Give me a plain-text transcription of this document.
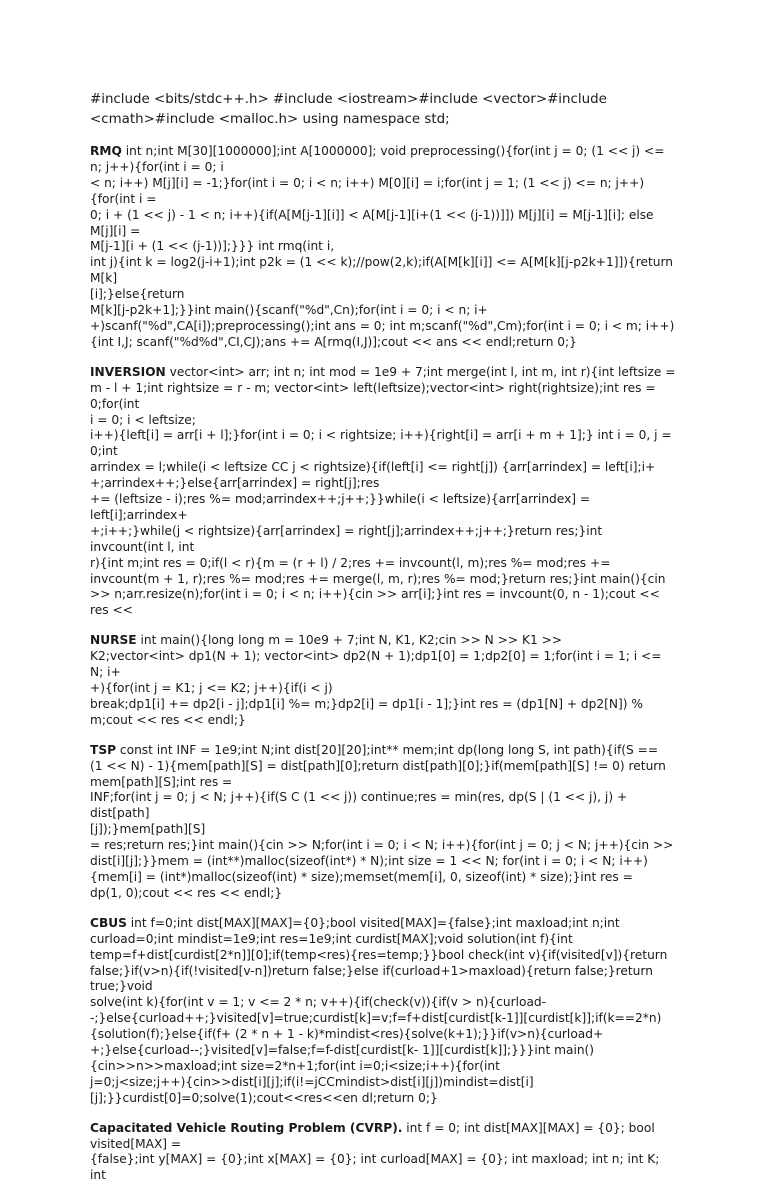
#include <bits/stdc++.h> #include <iostream>#include <vector>#include
<cmath>#include <malloc.h> using namespace std;
RMQ int n;int M[30][1000000];int A[1000000]; void preprocessing(){for(int j = 0; (1 << j) <= n; j++){for(int i = 0; i
< n; i++) M[j][i] = -1;}for(int i = 0; i < n; i++) M[0][i] = i;for(int j = 1; (1 << j) <= n; j++){for(int i =
0; i + (1 << j) - 1 < n; i++){if(A[M[j-1][i]] < A[M[j-1][i+(1 << (j-1))]]) M[j][i] = M[j-1][i]; else M[j][i] =
M[j-1][i + (1 << (j-1))];}}} int rmq(int i,
int j){int k = log2(j-i+1);int p2k = (1 << k);//pow(2,k);if(A[M[k][i]] <= A[M[k][j-p2k+1]]){return M[k]
[i];}else{return
M[k][j-p2k+1];}}int main(){scanf("%d",Cn);for(int i = 0; i < n; i+
+)scanf("%d",CA[i]);preprocessing();int ans = 0; int m;scanf("%d",Cm);for(int i = 0; i < m; i++)
{int I,J; scanf("%d%d",CI,CJ);ans += A[rmq(I,J)];cout << ans << endl;return 0;}
INVERSION vector<int> arr; int n; int mod = 1e9 + 7;int merge(int l, int m, int r){int leftsize =
m - l + 1;int rightsize = r - m; vector<int> left(leftsize);vector<int> right(rightsize);int res = 0;for(int
i = 0; i < leftsize;
i++){left[i] = arr[i + l];}for(int i = 0; i < rightsize; i++){right[i] = arr[i + m + 1];} int i = 0, j = 0;int
arrindex = l;while(i < leftsize CC j < rightsize){if(left[i] <= right[j]) {arr[arrindex] = left[i];i+
+;arrindex++;}else{arr[arrindex] = right[j];res
+= (leftsize - i);res %= mod;arrindex++;j++;}}while(i < leftsize){arr[arrindex] = left[i];arrindex+
+;i++;}while(j < rightsize){arr[arrindex] = right[j];arrindex++;j++;}return res;}int invcount(int l, int
r){int m;int res = 0;if(l < r){m = (r + l) / 2;res += invcount(l, m);res %= mod;res +=
invcount(m + 1, r);res %= mod;res += merge(l, m, r);res %= mod;}return res;}int main(){cin
>> n;arr.resize(n);for(int i = 0; i < n; i++){cin >> arr[i];}int res = invcount(0, n - 1);cout <<
res <<
NURSE int main(){long long m = 10e9 + 7;int N, K1, K2;cin >> N >> K1 >>
K2;vector<int> dp1(N + 1); vector<int> dp2(N + 1);dp1[0] = 1;dp2[0] = 1;for(int i = 1; i <= N; i+
+){for(int j = K1; j <= K2; j++){if(i < j)
break;dp1[i] += dp2[i - j];dp1[i] %= m;}dp2[i] = dp1[i - 1];}int res = (dp1[N] + dp2[N]) %
m;cout << res << endl;}
TSP const int INF = 1e9;int N;int dist[20][20];int** mem;int dp(long long S, int path){if(S ==
(1 << N) - 1){mem[path][S] = dist[path][0];return dist[path][0];}if(mem[path][S] != 0) return
mem[path][S];int res =
INF;for(int j = 0; j < N; j++){if(S C (1 << j)) continue;res = min(res, dp(S | (1 << j), j) + dist[path]
[j]);}mem[path][S]
= res;return res;}int main(){cin >> N;for(int i = 0; i < N; i++){for(int j = 0; j < N; j++){cin >>
dist[i][j];}}mem = (int**)malloc(sizeof(int*) * N);int size = 1 << N; for(int i = 0; i < N; i++)
{mem[i] = (int*)malloc(sizeof(int) * size);memset(mem[i], 0, sizeof(int) * size);}int res =
dp(1, 0);cout << res << endl;}
CBUS int f=0;int dist[MAX][MAX]={0};bool visited[MAX]={false};int maxload;int n;int
curload=0;int mindist=1e9;int res=1e9;int curdist[MAX];void solution(int f){int
temp=f+dist[curdist[2*n]][0];if(temp<res){res=temp;}}bool check(int v){if(visited[v]){return
false;}if(v>n){if(!visited[v-n])return false;}else if(curload+1>maxload){return false;}return true;}void
solve(int k){for(int v = 1; v <= 2 * n; v++){if(check(v)){if(v > n){curload-
-;}else{curload++;}visited[v]=true;curdist[k]=v;f=f+dist[curdist[k-1]][curdist[k]];if(k==2*n)
{solution(f);}else{if(f+ (2 * n + 1 - k)*mindist<res){solve(k+1);}}if(v>n){curload+
+;}else{curload--;}visited[v]=false;f=f-dist[curdist[k- 1]][curdist[k]];}}}int main()
{cin>>n>>maxload;int size=2*n+1;for(int i=0;i<size;i++){for(int
j=0;j<size;j++){cin>>dist[i][j];if(i!=jCCmindist>dist[i][j])mindist=dist[i]
[j];}}curdist[0]=0;solve(1);cout<<res<<en dl;return 0;}
Capacitated Vehicle Routing Problem (CVRP). int f = 0; int dist[MAX][MAX] = {0}; bool
visited[MAX] =
{false};int y[MAX] = {0};int x[MAX] = {0}; int curload[MAX] = {0}; int maxload; int n; int K; int
